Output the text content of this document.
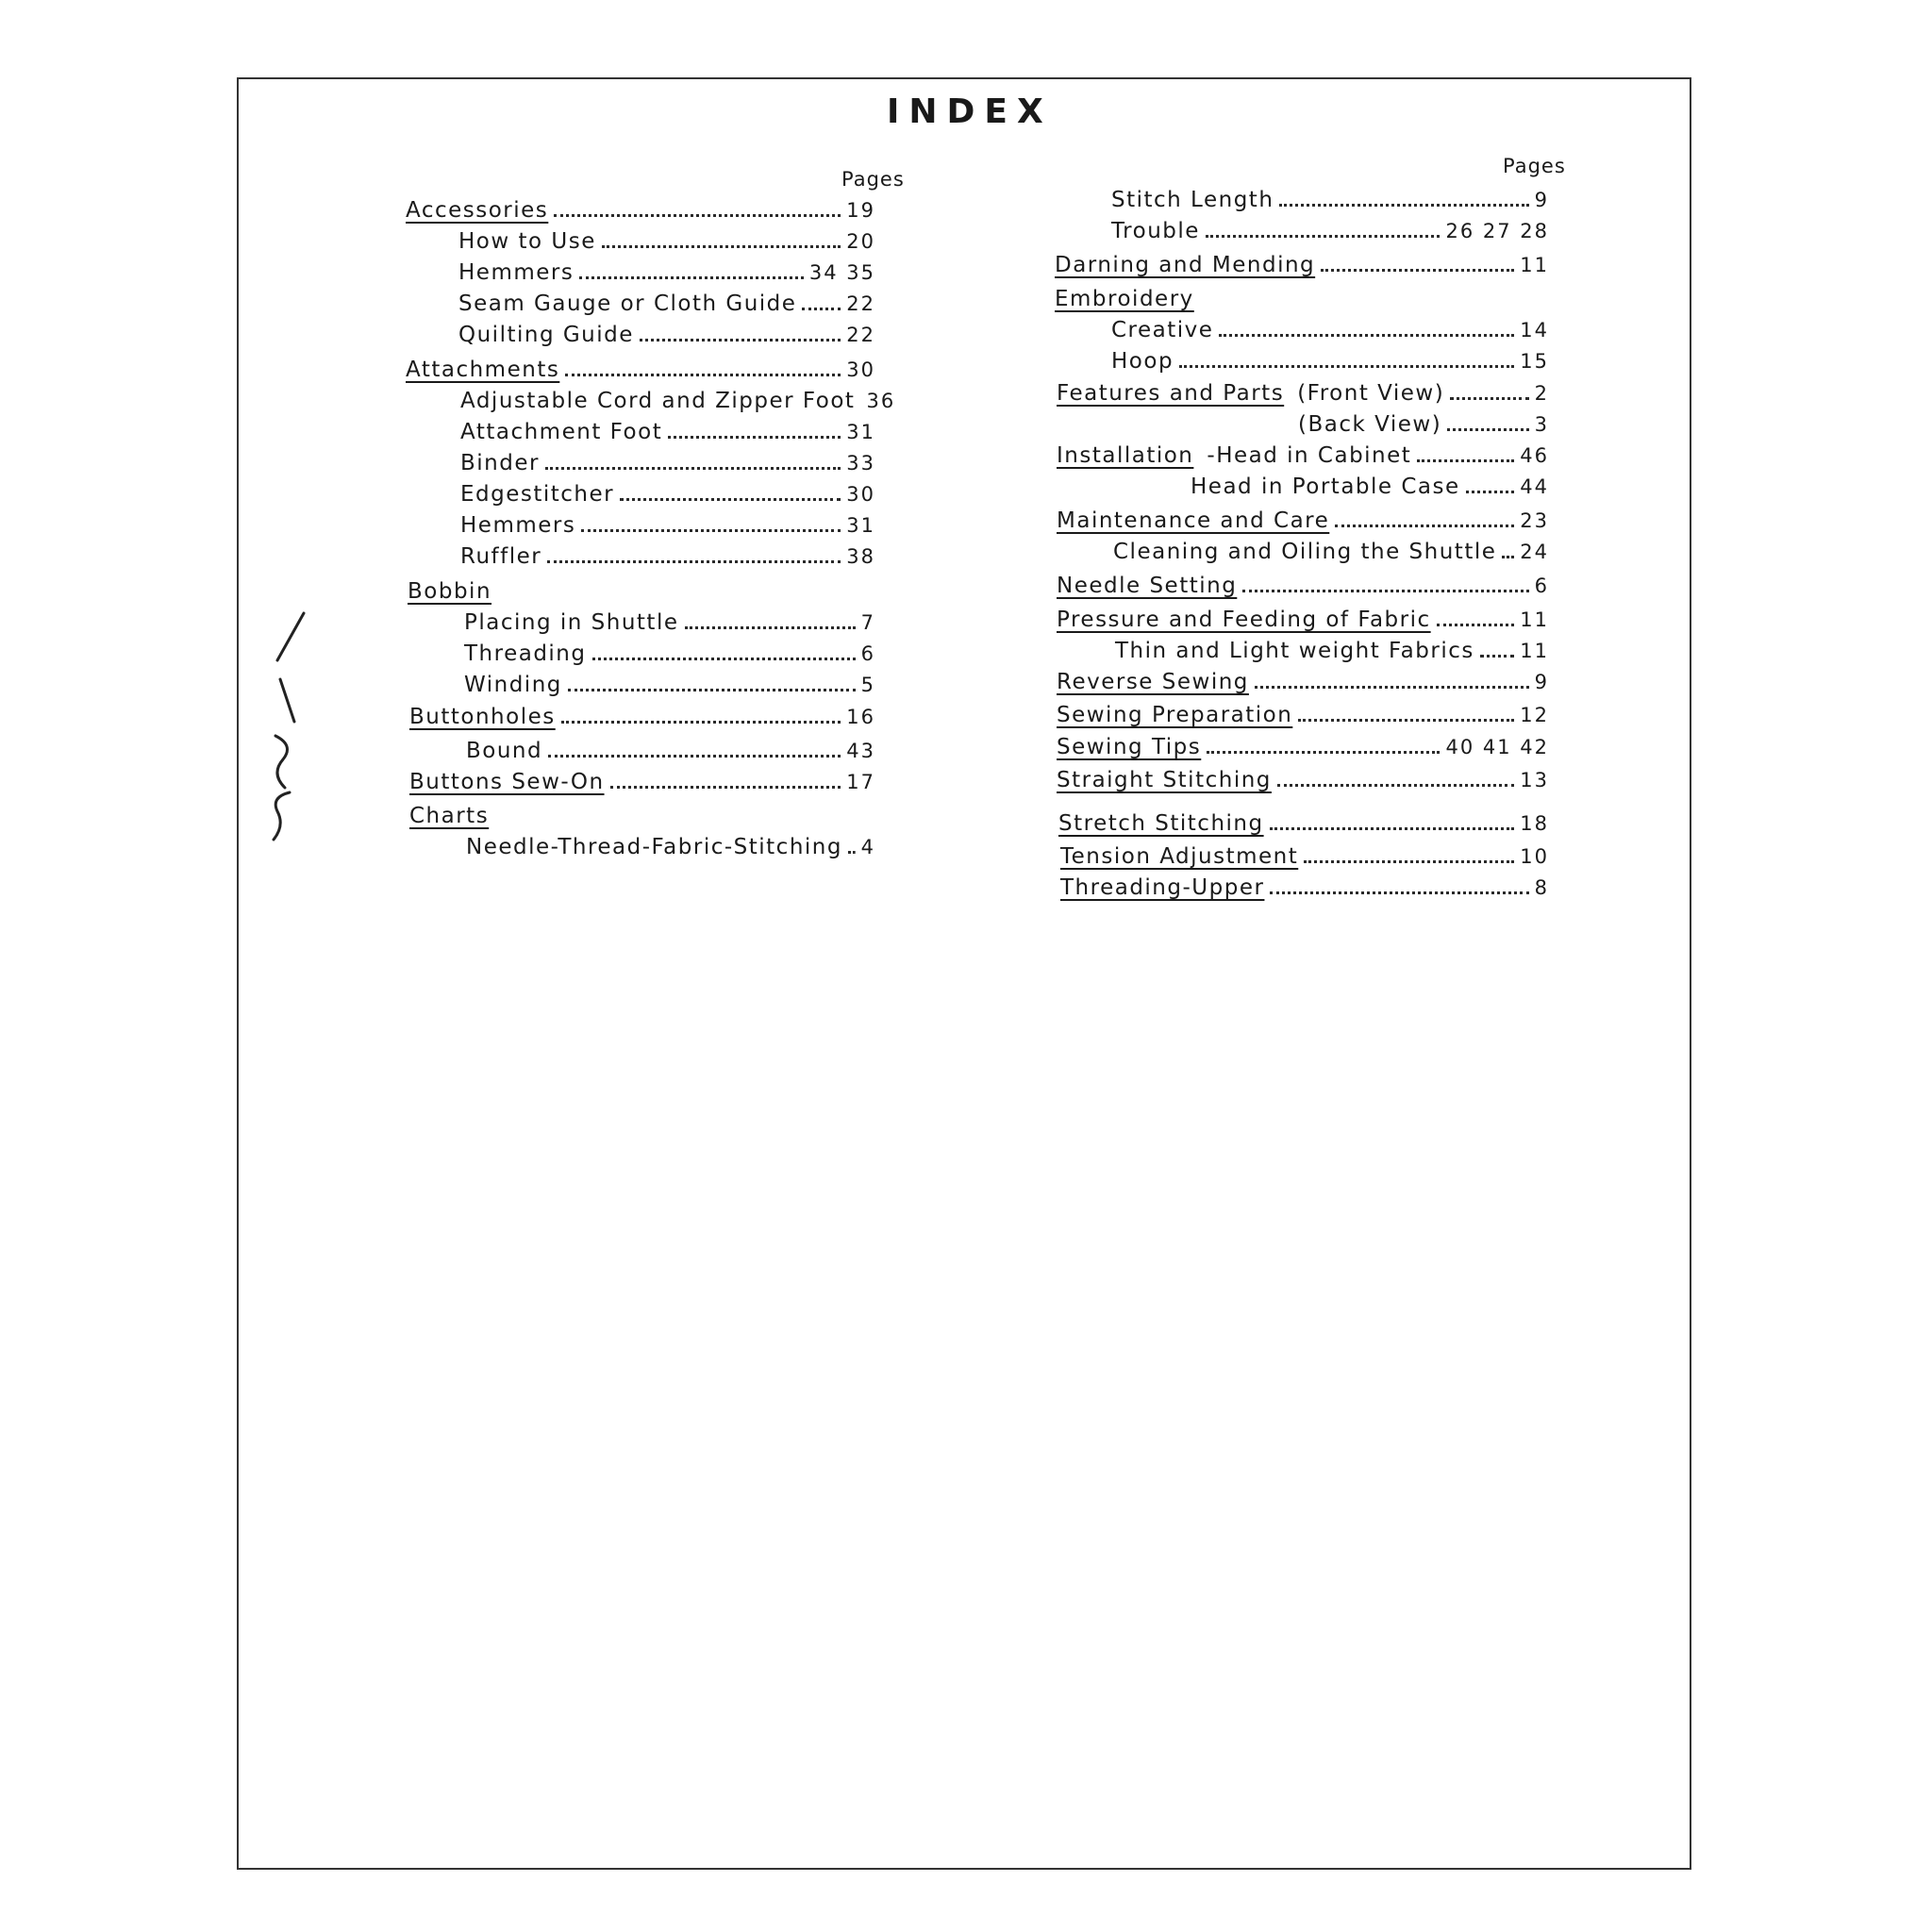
INDEX
Pages
Pages
Accessories	19
How to Use	20
Hemmers	34 35
Seam Gauge or Cloth Guide	22
Quilting Guide	22
Attachments	30
Adjustable Cord and Zipper Foot 36
Attachment Foot	31
Binder	33
Edgestitcher	30
Hemmers	31
Ruffler	38
Bobbin
Placing in Shuttle	7
Threading	6
Winding	5
Buttonholes	16
Bound	43
Buttons Sew-On	17
Charts
Needle-Thread-Fabric-Stitching 4
Stitch Length	9
Trouble	26 27 28
Darning and Mending	11
Embroidery
Creative	14
Hoop	15
Features and Parts (Front View)	2
(Back View)	3
Installation -Head in Cabinet	46
Head in Portable Case	44
Maintenance and Care	23
Cleaning and Oiling the Shuttle 24
Needle Setting	6
Pressure and Feeding of Fabric	11
Thin and Light weight Fabrics 11
Reverse Sewing	9
Sewing Preparation	12
Sewing Tips	40 41 42
Straight Stitching	13
Stretch Stitching	18
Tension Adjustment	10
Threading-Upper	8
